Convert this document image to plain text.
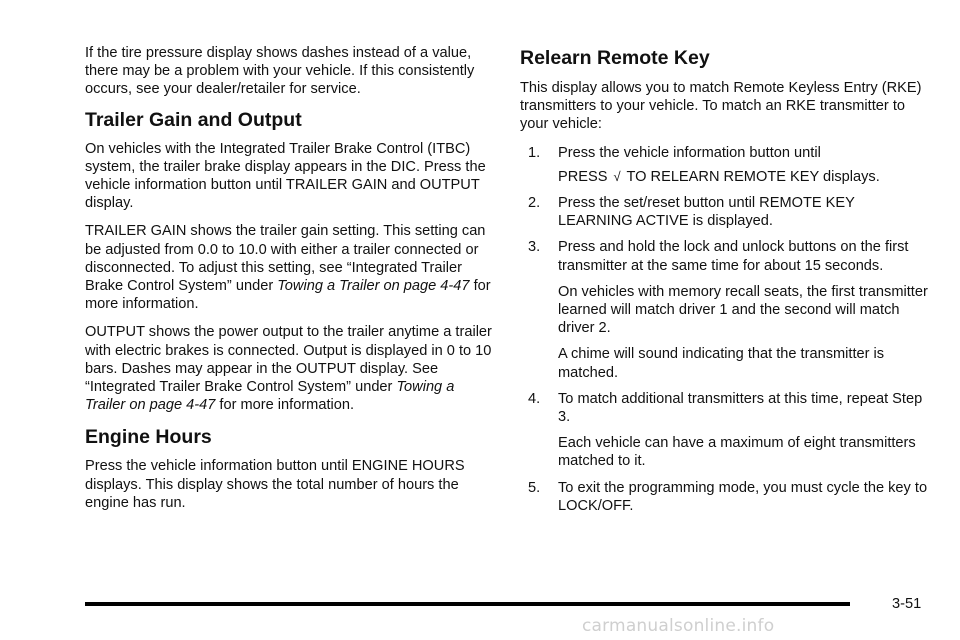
If the tire pressure display shows dashes instead of a value, there may be a problem with your vehicle. If this consistently occurs, see your dealer/retailer for service.

Trailer Gain and Output

On vehicles with the Integrated Trailer Brake Control (ITBC) system, the trailer brake display appears in the DIC. Press the vehicle information button until TRAILER GAIN and OUTPUT display.

TRAILER GAIN shows the trailer gain setting. This setting can be adjusted from 0.0 to 10.0 with either a trailer connected or disconnected. To adjust this setting, see “Integrated Trailer Brake Control System” under Towing a Trailer on page 4-47 for more information.

OUTPUT shows the power output to the trailer anytime a trailer with electric brakes is connected. Output is displayed in 0 to 10 bars. Dashes may appear in the OUTPUT display. See “Integrated Trailer Brake Control System” under Towing a Trailer on page 4-47 for more information.

Engine Hours

Press the vehicle information button until ENGINE HOURS displays. This display shows the total number of hours the engine has run.

Relearn Remote Key

This display allows you to match Remote Keyless Entry (RKE) transmitters to your vehicle. To match an RKE transmitter to your vehicle:

1.	Press the vehicle information button until
PRESS √ TO RELEARN REMOTE KEY displays.
2.	Press the set/reset button until REMOTE KEY LEARNING ACTIVE is displayed.
3.	Press and hold the lock and unlock buttons on the first transmitter at the same time for about 15 seconds.

On vehicles with memory recall seats, the first transmitter learned will match driver 1 and the second will match driver 2.

A chime will sound indicating that the transmitter is matched.

4.	To match additional transmitters at this time, repeat Step 3.

Each vehicle can have a maximum of eight transmitters matched to it.

5.	To exit the programming mode, you must cycle the key to LOCK/OFF.
3-51
carmanualsonline.info
